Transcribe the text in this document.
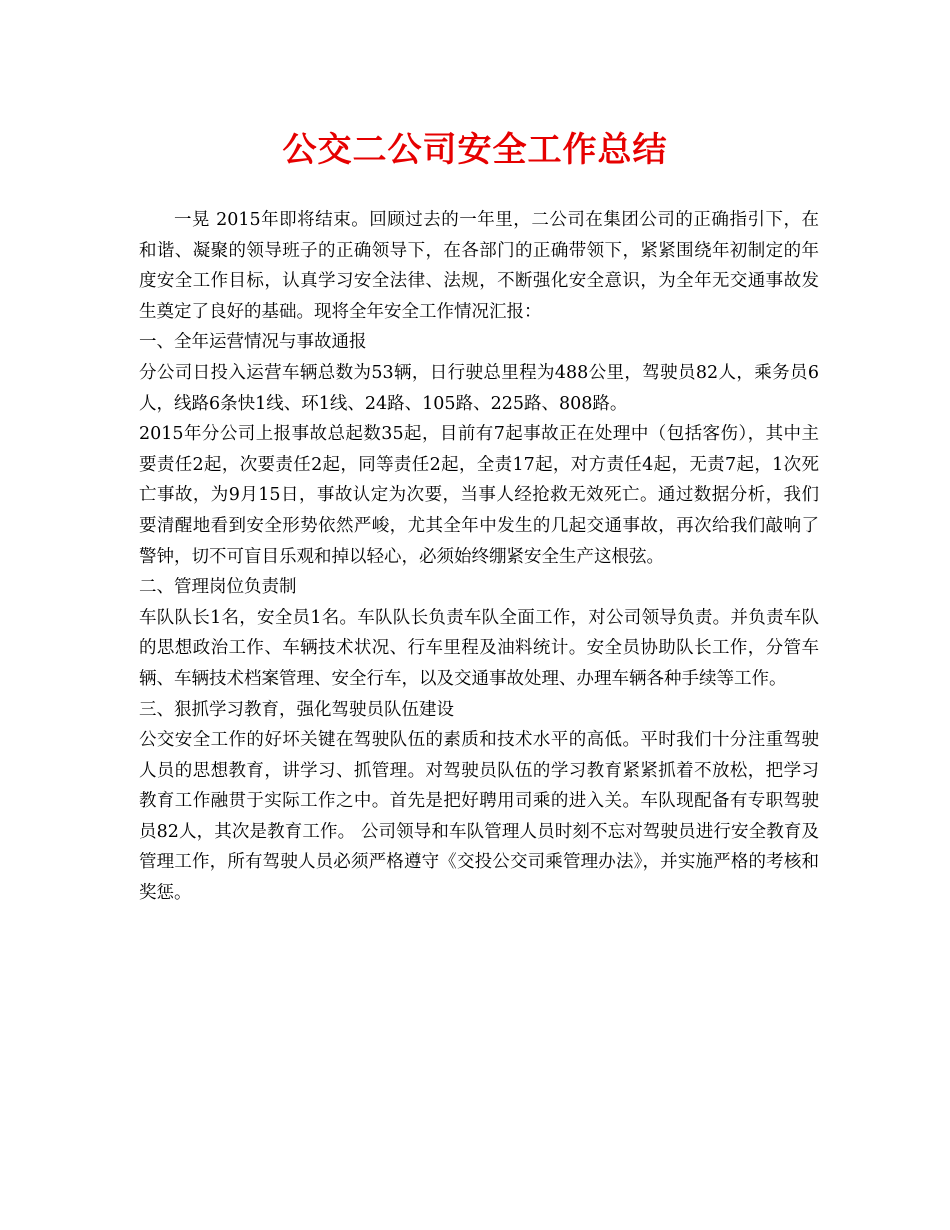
公交二公司安全工作总结

一晃 2015年即将结束。回顾过去的一年里，二公司在集团公司的正确指引下，在和谐、凝聚的领导班子的正确领导下，在各部门的正确带领下，紧紧围绕年初制定的年度安全工作目标，认真学习安全法律、法规，不断强化安全意识，为全年无交通事故发生奠定了良好的基础。现将全年安全工作情况汇报：

一、全年运营情况与事故通报

分公司日投入运营车辆总数为53辆，日行驶总里程为488公里，驾驶员82人，乘务员6人，线路6条快1线、环1线、24路、105路、225路、808路。

2015年分公司上报事故总起数35起，目前有7起事故正在处理中（包括客伤），其中主要责任2起，次要责任2起，同等责任2起，全责17起，对方责任4起，无责7起，1次死亡事故，为9月15日，事故认定为次要，当事人经抢救无效死亡。通过数据分析，我们要清醒地看到安全形势依然严峻，尤其全年中发生的几起交通事故，再次给我们敲响了警钟，切不可盲目乐观和掉以轻心，必须始终绷紧安全生产这根弦。

二、管理岗位负责制

车队队长1名，安全员1名。车队队长负责车队全面工作，对公司领导负责。并负责车队的思想政治工作、车辆技术状况、行车里程及油料统计。安全员协助队长工作，分管车辆、车辆技术档案管理、安全行车，以及交通事故处理、办理车辆各种手续等工作。

三、狠抓学习教育，强化驾驶员队伍建设

公交安全工作的好坏关键在驾驶队伍的素质和技术水平的高低。平时我们十分注重驾驶人员的思想教育，讲学习、抓管理。对驾驶员队伍的学习教育紧紧抓着不放松，把学习教育工作融贯于实际工作之中。首先是把好聘用司乘的进入关。车队现配备有专职驾驶员82人，其次是教育工作。 公司领导和车队管理人员时刻不忘对驾驶员进行安全教育及管理工作，所有驾驶人员必须严格遵守《交投公交司乘管理办法》，并实施严格的考核和奖惩。
